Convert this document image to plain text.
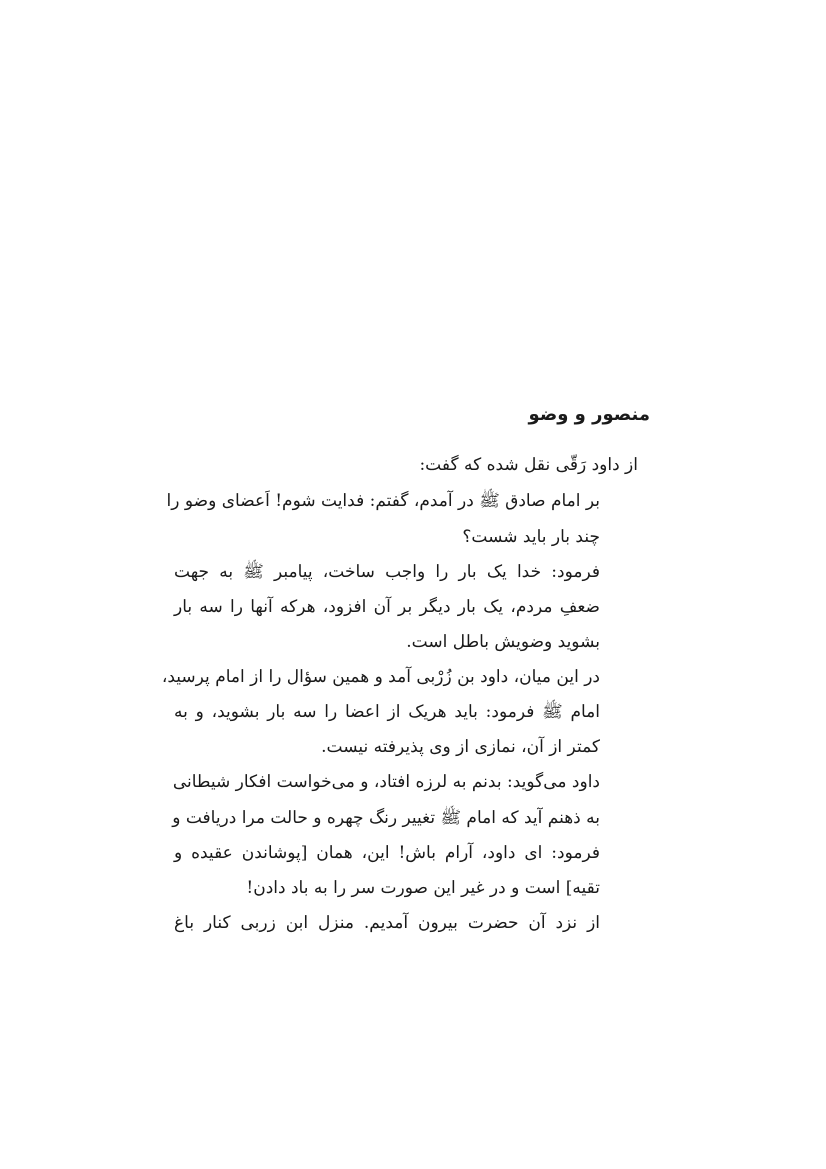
منصور و وضو
از داود رَقّی نقل شده که گفت:
بر امام صادق ﷺ در آمدم، گفتم: فدایت شوم! اَعضای وضو را
چند بار باید شست؟
فرمود: خدا یک بار را واجب ساخت، پیامبر ﷺ به جهت
ضعفِ مردم، یک بار دیگر بر آن افزود، هرکه آنها را سه بار
بشوید وضویش باطل است.
در این میان، داود بن زُرْبی آمد و همین سؤال را از امام پرسید،
امام ﷺ فرمود: باید هریک از اعضا را سه بار بشوید، و به
کمتر از آن، نمازی از وی پذیرفته نیست.
داود می‌گوید: بدنم به لرزه افتاد، و می‌خواست افکار شیطانی
به ذهنم آید که امام ﷺ تغییر رنگ چهره و حالت مرا دریافت و
فرمود: ای داود، آرام باش! این، همان [پوشاندن عقیده و
تقیه] است و در غیر این صورت سر را به باد دادن!
از نزد آن حضرت بیرون آمدیم. منزل ابن زربی کنار باغ
